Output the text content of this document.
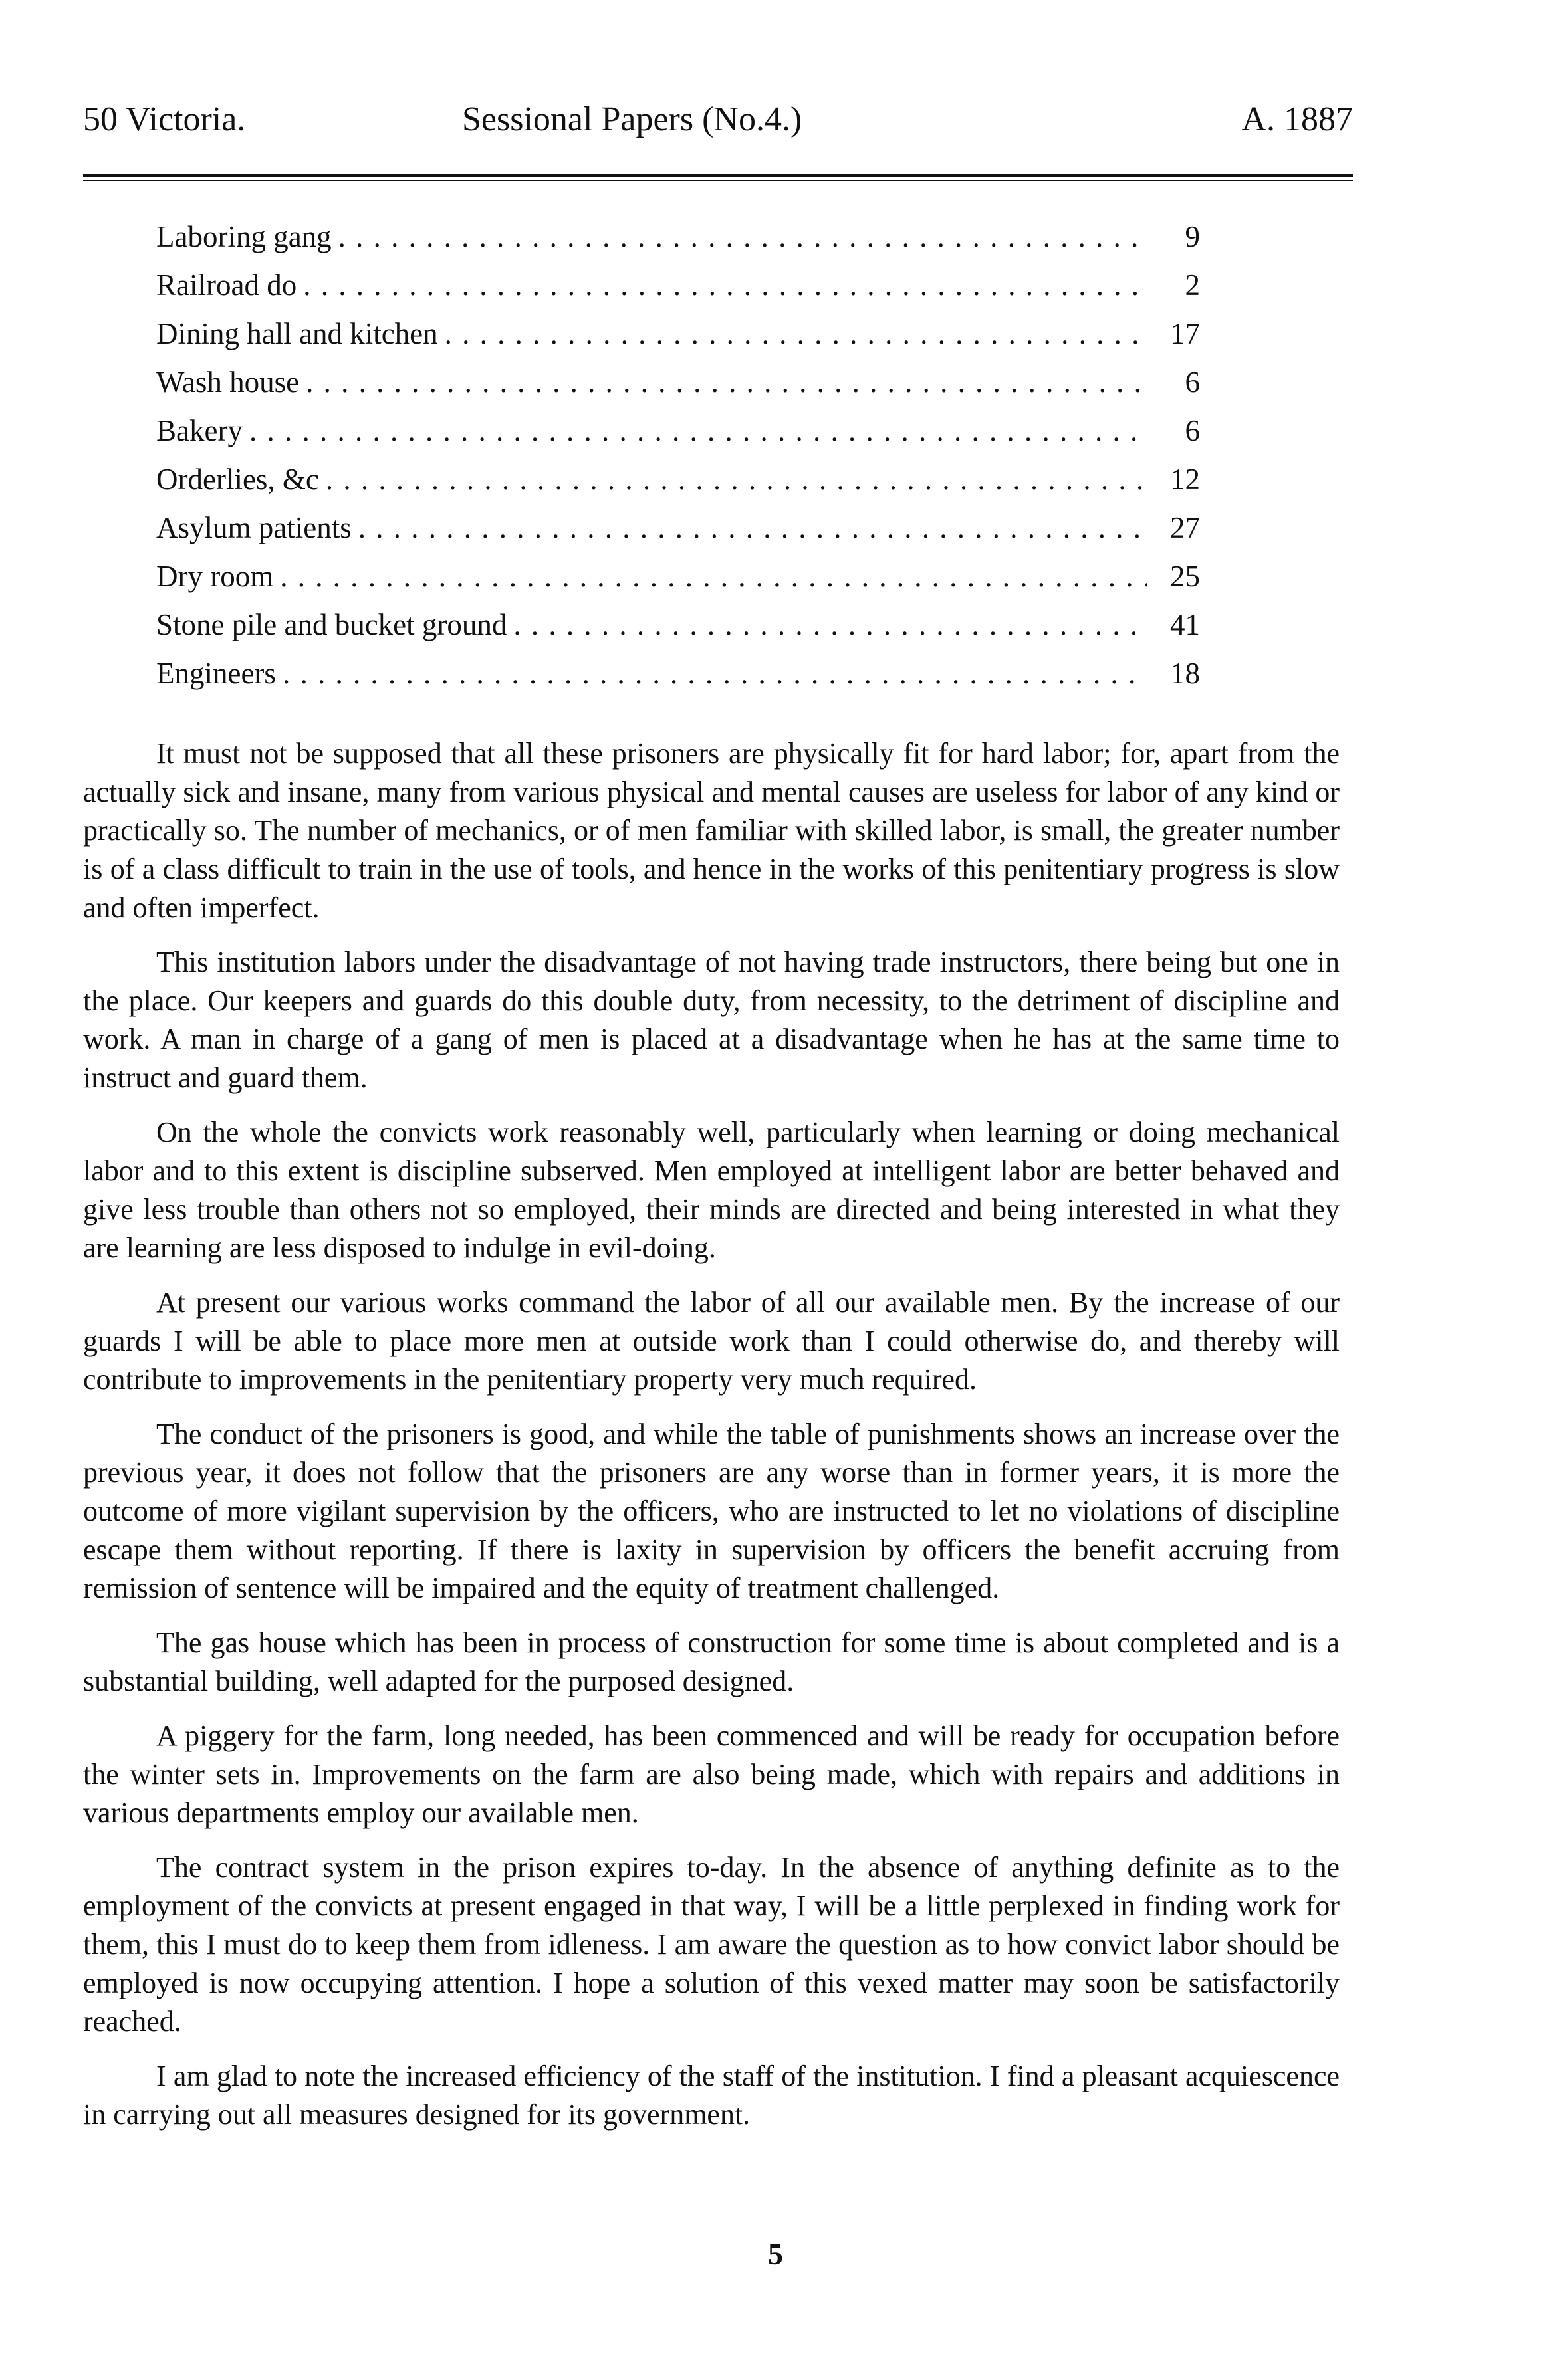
50 Victoria.	Sessional Papers (No.4.)	A. 1887
Laboring gang . . .	9
Railroad do . . .	2
Dining hall and kitchen . . .	17
Wash house . . .	6
Bakery . . .	6
Orderlies, &c . . .	12
Asylum patients . . .	27
Dry room . . .	25
Stone pile and bucket ground . . .	41
Engineers . . .	18

It must not be supposed that all these prisoners are physically fit for hard labor; for, apart from the actually sick and insane, many from various physical and mental causes are useless for labor of any kind or practically so. The number of mechanics, or of men familiar with skilled labor, is small, the greater number is of a class difficult to train in the use of tools, and hence in the works of this penitentiary progress is slow and often imperfect.

This institution labors under the disadvantage of not having trade instructors, there being but one in the place. Our keepers and guards do this double duty, from necessity, to the detriment of discipline and work. A man in charge of a gang of men is placed at a disadvantage when he has at the same time to instruct and guard them.

On the whole the convicts work reasonably well, particularly when learning or doing mechanical labor and to this extent is discipline subserved. Men employed at intelligent labor are better behaved and give less trouble than others not so employed, their minds are directed and being interested in what they are learning are less disposed to indulge in evil-doing.

At present our various works command the labor of all our available men. By the increase of our guards I will be able to place more men at outside work than I could otherwise do, and thereby will contribute to improvements in the penitentiary property very much required.

The conduct of the prisoners is good, and while the table of punishments shows an increase over the previous year, it does not follow that the prisoners are any worse than in former years, it is more the outcome of more vigilant supervision by the officers, who are instructed to let no violations of discipline escape them without reporting. If there is laxity in supervision by officers the benefit accruing from remission of sentence will be impaired and the equity of treatment challenged.

The gas house which has been in process of construction for some time is about completed and is a substantial building, well adapted for the purposed designed.

A piggery for the farm, long needed, has been commenced and will be ready for occupation before the winter sets in. Improvements on the farm are also being made, which with repairs and additions in various departments employ our available men.

The contract system in the prison expires to-day. In the absence of anything definite as to the employment of the convicts at present engaged in that way, I will be a little perplexed in finding work for them, this I must do to keep them from idleness. I am aware the question as to how convict labor should be employed is now occupying attention. I hope a solution of this vexed matter may soon be satisfactorily reached.

I am glad to note the increased efficiency of the staff of the institution. I find a pleasant acquiescence in carrying out all measures designed for its government.

5
